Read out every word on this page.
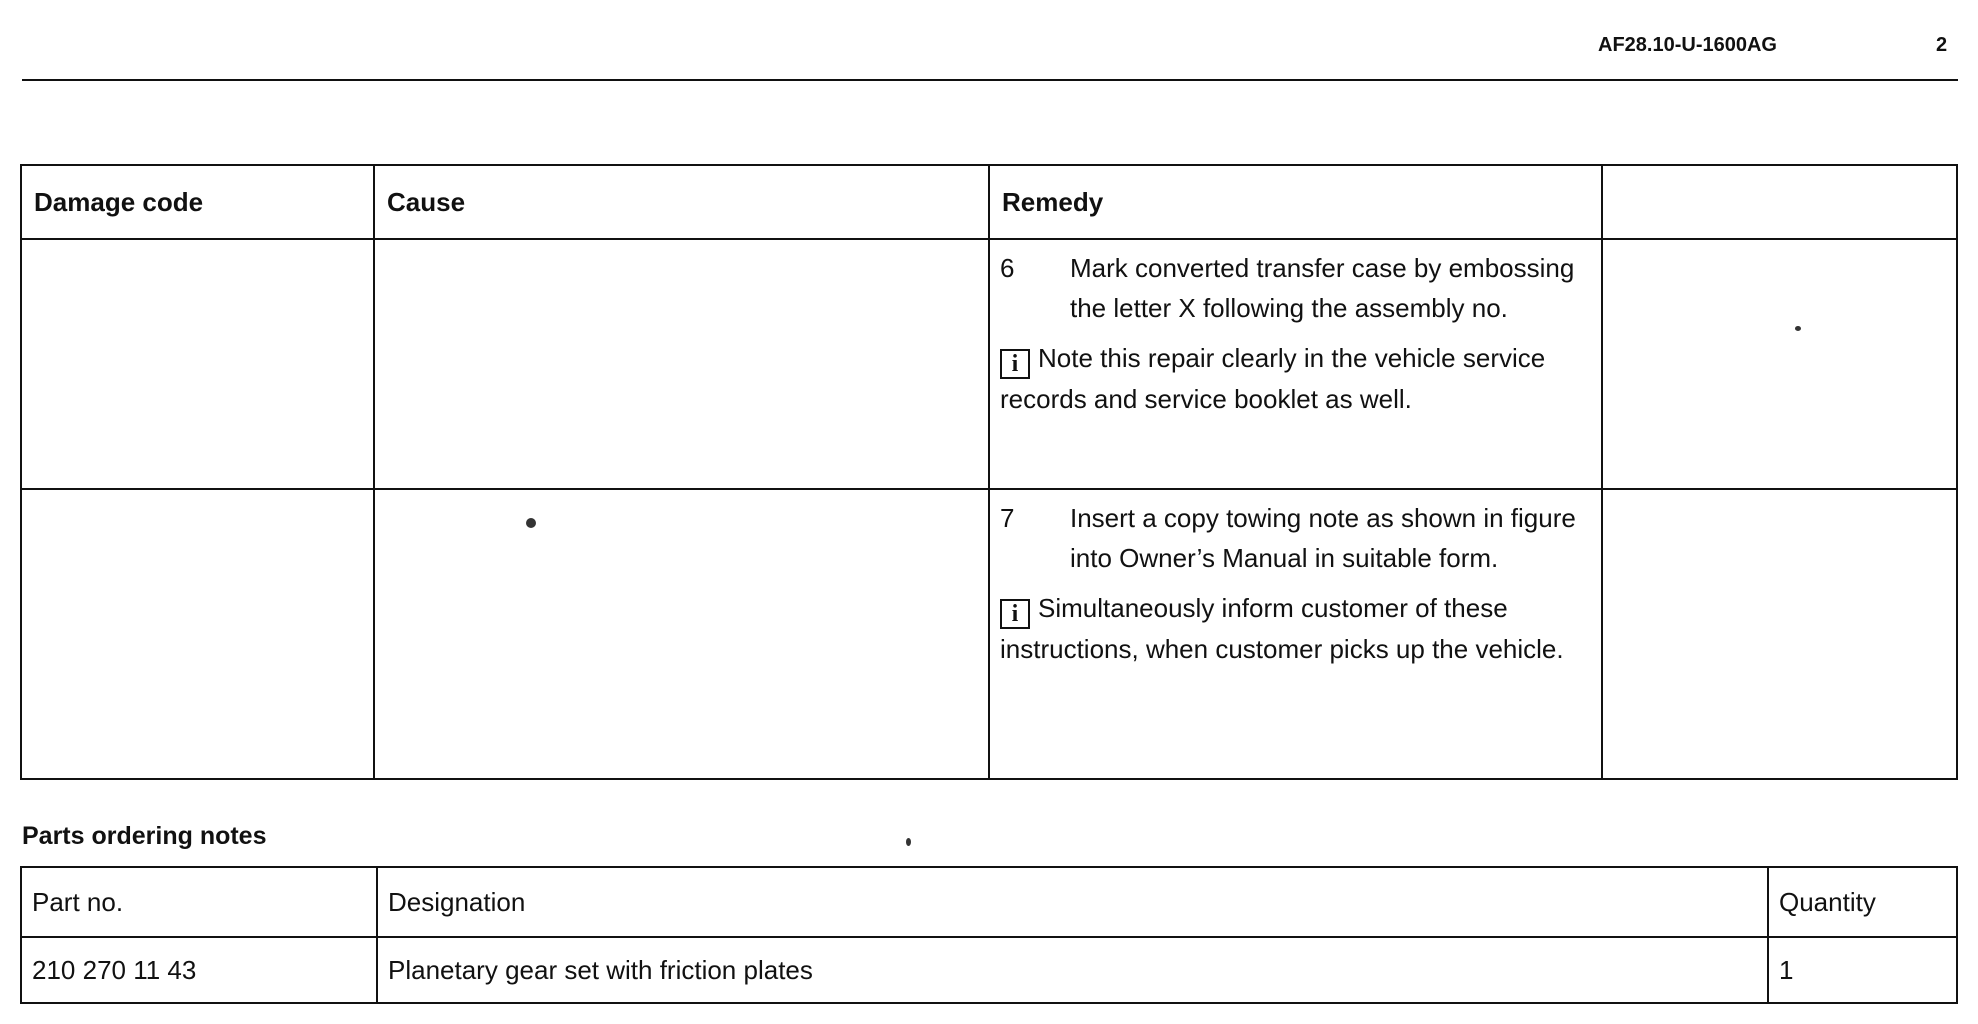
AF28.10-U-1600AG	2
Damage code	Cause	Remedy	

		6 Mark converted transfer case by embossing the letter X following the assembly no.
i Note this repair clearly in the vehicle service records and service booklet as well.	

		7 Insert a copy towing note as shown in figure into Owner’s Manual in suitable form.
i Simultaneously inform customer of these instructions, when customer picks up the vehicle.	

Parts ordering notes
Part no.	Designation	Quantity
210 270 11 43	Planetary gear set with friction plates	1
